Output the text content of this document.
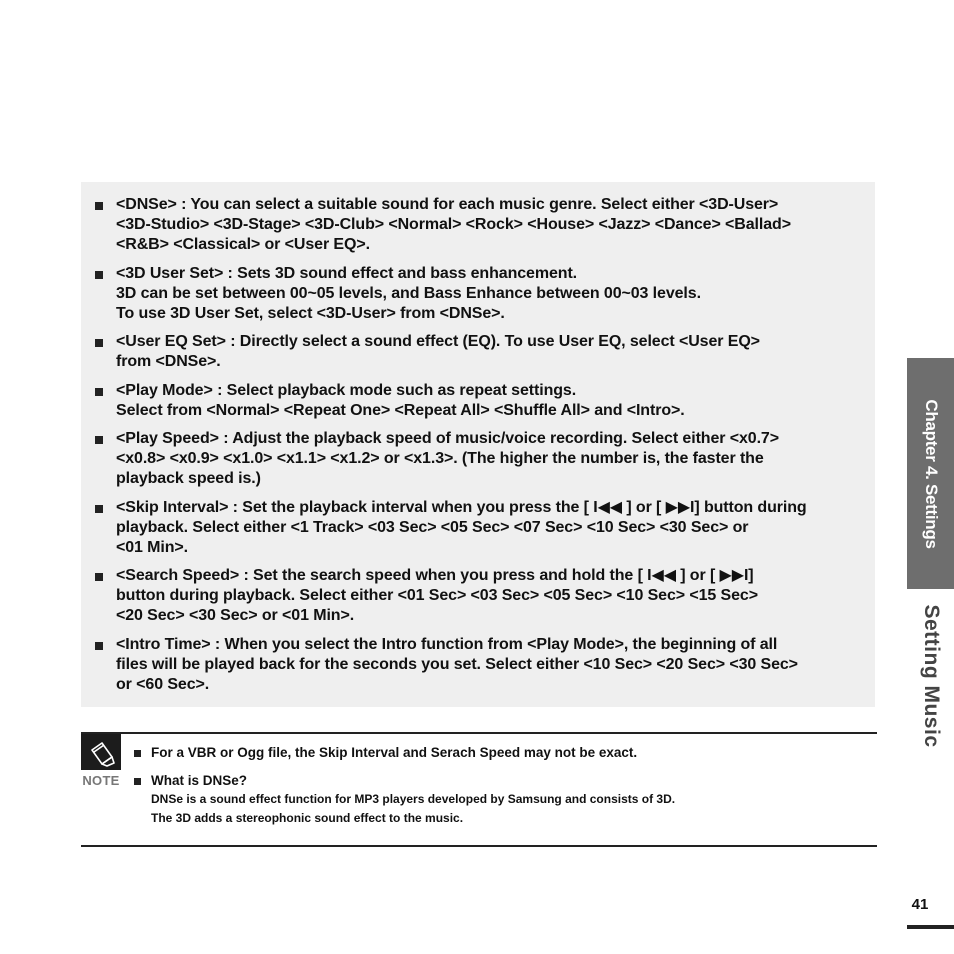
<DNSe> : You can select a suitable sound for each music genre. Select either <3D-User>
<3D-Studio> <3D-Stage> <3D-Club> <Normal> <Rock> <House> <Jazz> <Dance> <Ballad>
<R&B> <Classical> or <User EQ>.
<3D User Set> : Sets 3D sound effect and bass enhancement.
3D can be set between 00~05 levels, and Bass Enhance between 00~03 levels.
To use 3D User Set, select <3D-User> from <DNSe>.
<User EQ Set> : Directly select a sound effect (EQ). To use User EQ, select <User EQ>
from <DNSe>.
<Play Mode> : Select playback mode such as repeat settings.
Select from <Normal> <Repeat One> <Repeat All> <Shuffle All> and <Intro>.
<Play Speed> : Adjust the playback speed of music/voice recording. Select either <x0.7>
<x0.8> <x0.9> <x1.0> <x1.1> <x1.2> or <x1.3>. (The higher the number is, the faster the
playback speed is.)
<Skip Interval> : Set the playback interval when you press the [ I◀◀ ] or [ ▶▶I] button during
playback. Select either <1 Track> <03 Sec> <05 Sec> <07 Sec> <10 Sec> <30 Sec> or
<01 Min>.
<Search Speed> : Set the search speed when you press and hold the [ I◀◀ ] or [ ▶▶I]
button during playback. Select either <01 Sec> <03 Sec> <05 Sec> <10 Sec> <15 Sec>
<20 Sec> <30 Sec> or <01 Min>.
<Intro Time> : When you select the Intro function from <Play Mode>, the beginning of all
files will be played back for the seconds you set. Select either <10 Sec> <20 Sec> <30 Sec>
or <60 Sec>.
Chapter 4. Settings
Setting Music
NOTE
For a VBR or Ogg file, the Skip Interval and Serach Speed may not be exact.
What is DNSe?
DNSe is a sound effect function for MP3 players developed by Samsung and consists of 3D.
The 3D adds a stereophonic sound effect to the music.
41
